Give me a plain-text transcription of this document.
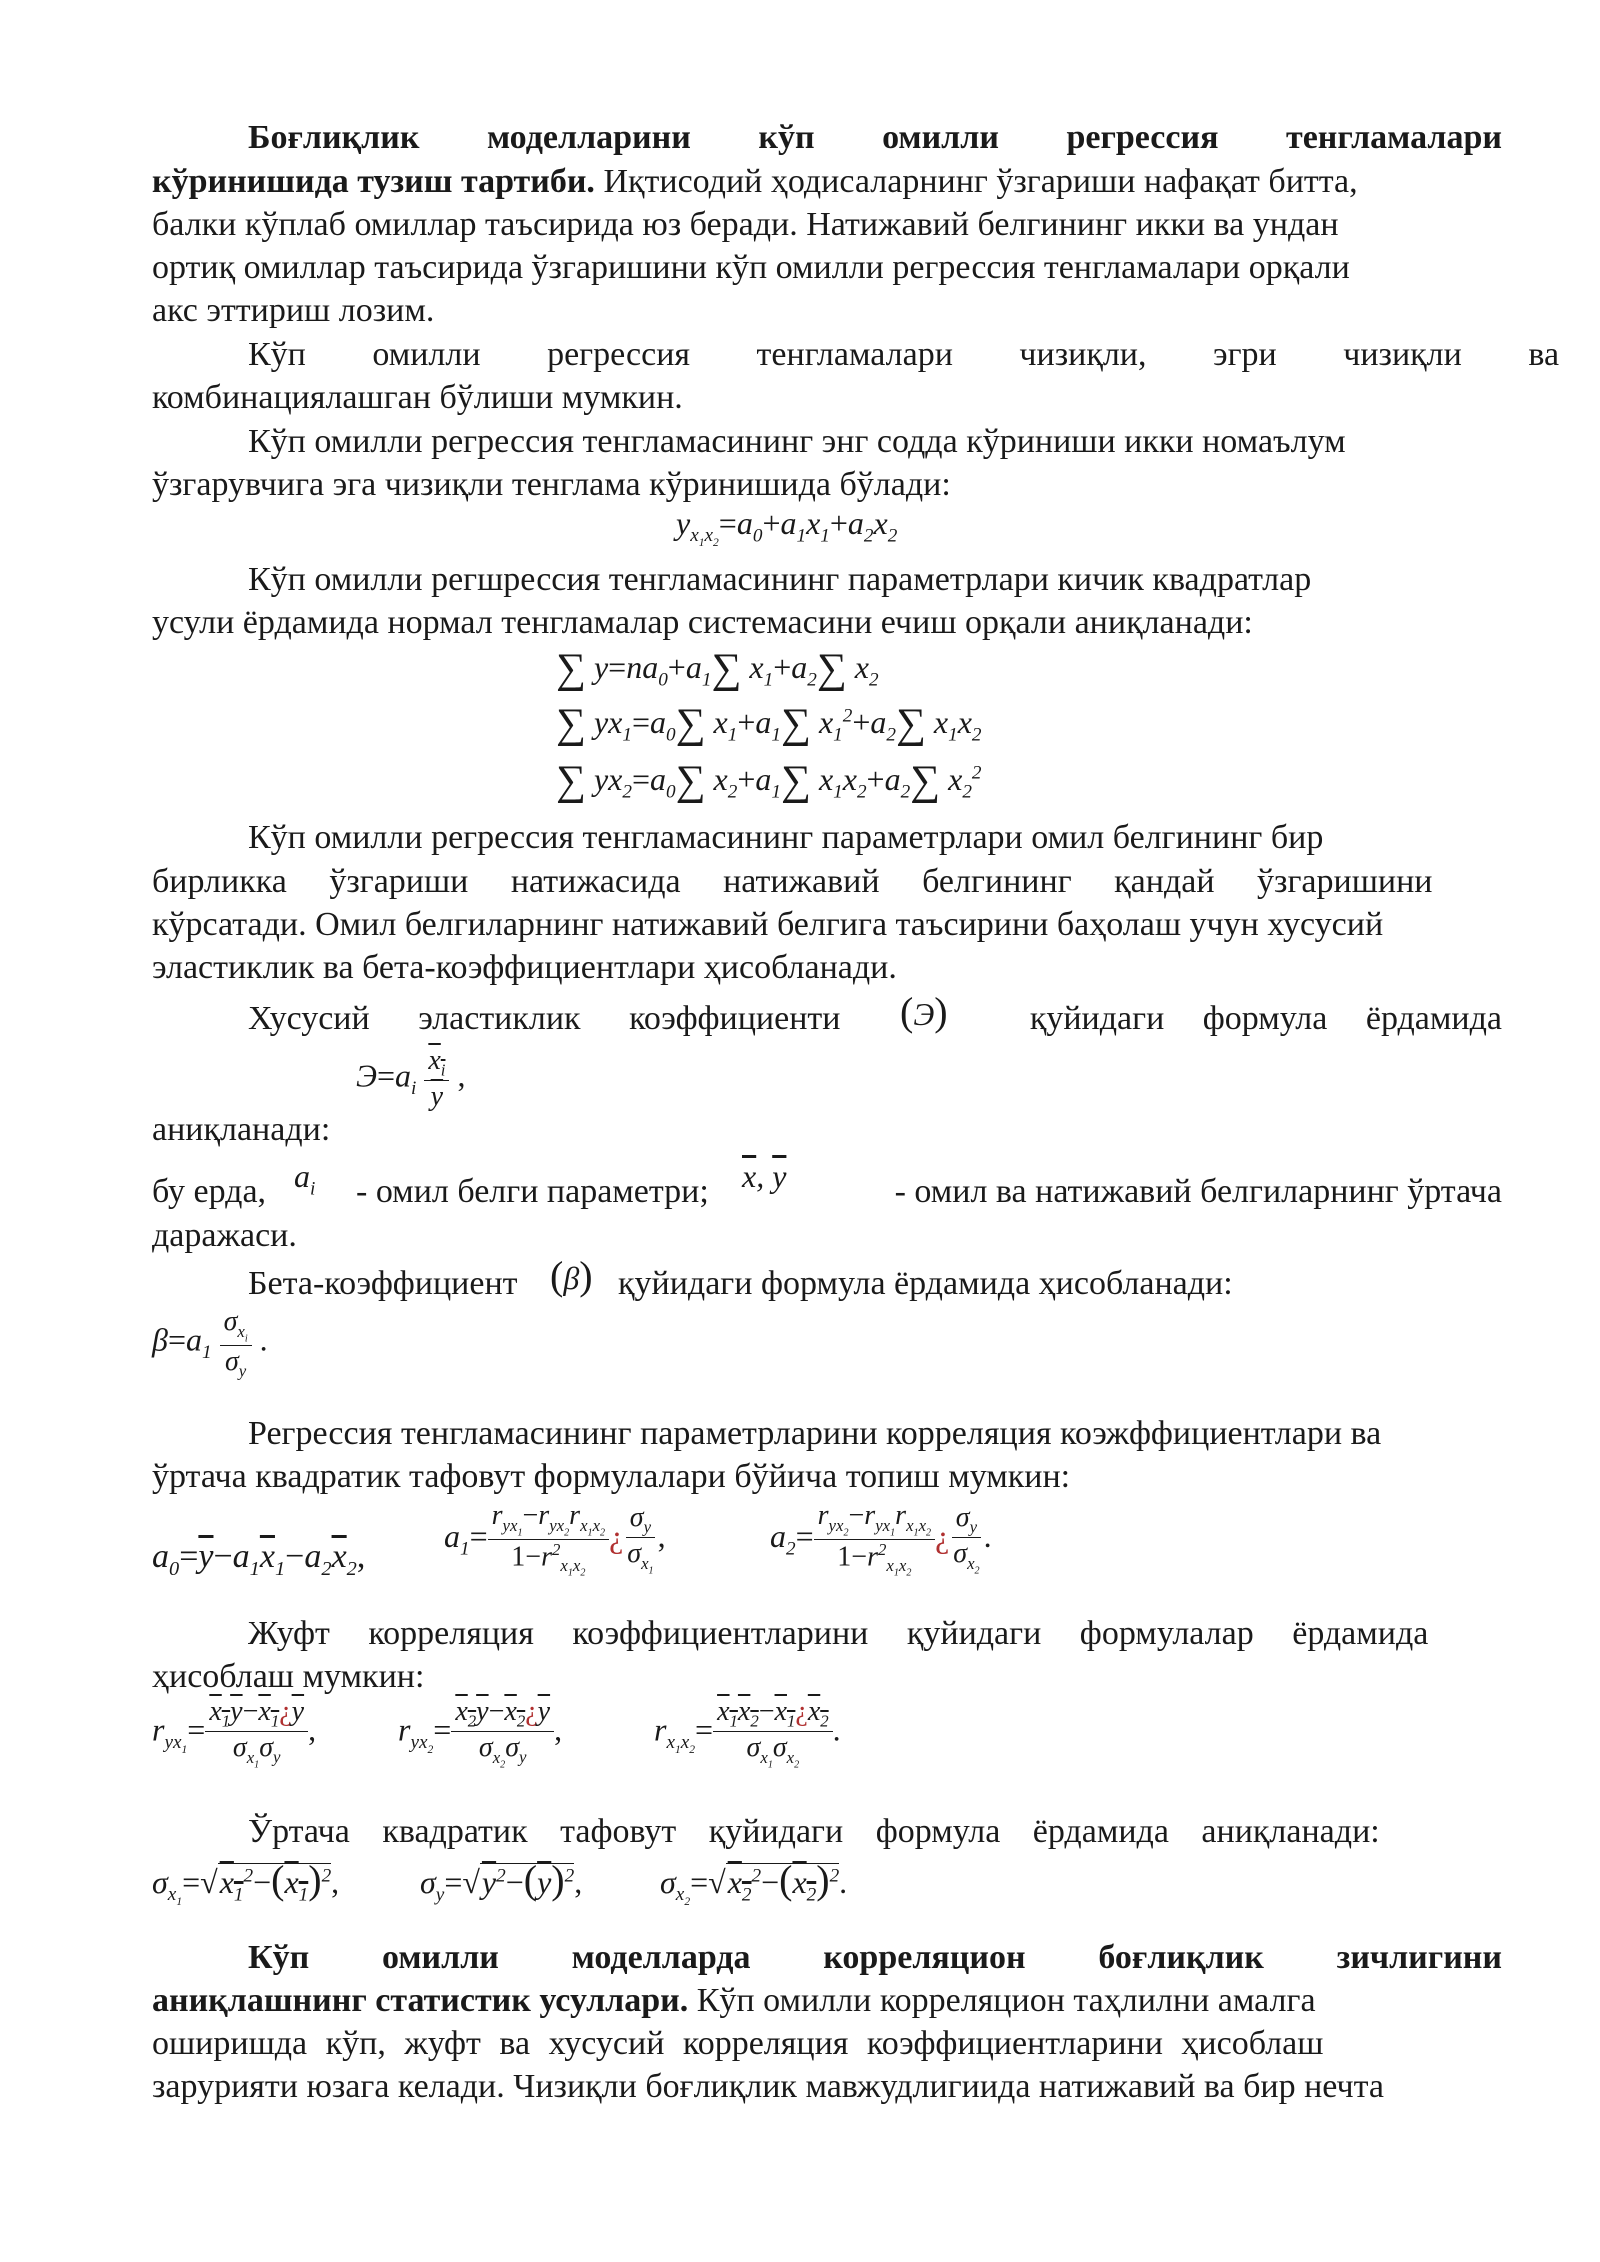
Боғлиқлик моделларини кўп омилли регрессия тенгламалари
кўринишида тузиш тартиби. Иқтисодий ҳодисаларнинг ўзгариши нафақат битта,
балки кўплаб омиллар таъсирида юз беради. Натижавий белгининг икки ва ундан
ортиқ омиллар таъсирида ўзгаришини кўп омилли регрессия тенгламалари орқали
акс эттириш лозим.
Кўп омилли регрессия тенгламалари чизиқли, эгри чизиқли ва
комбинациялашган бўлиши мумкин.
Кўп омилли регрессия тенгламасининг энг содда кўриниши икки номаълум
ўзгарувчига эга чизиқли тенглама кўринишида бўлади:
$y_{x_1x_2}=a_0+a_1x_1+a_2x_2$
Кўп омилли регшрессия тенгламасининг параметрлари кичик квадратлар
усули ёрдамида нормал тенгламалар системасини ечиш орқали аниқланади:
∑ $y=na_0+a_1\sum$ $x_1+a_2\sum$ $x_2$
∑ $yx_1=a_0\sum$ $x_1+a_1\sum$ $x_1^2+a_2\sum$ $x_1x_2$
∑ $yx_2=a_0\sum$ $x_2+a_1\sum$ $x_1x_2+a_2\sum$ $x_2^2$
Кўп омилли регрессия тенгламасининг параметрлари омил белгининг бир
бирликка ўзгариши натижасида натижавий белгининг қандай ўзгаришини
кўрсатади. Омил белгиларнинг натижавий белгига таъсирини баҳолаш учун хусусий
эластиклик ва бета-коэффициентлари ҳисобланади.
Хусусий эластиклик коэффициенти	(Э)	қуйидаги формула ёрдамида
$Э=a_i \frac{x_i}{y}$ ,
аниқланади:
бу ерда, $a_i$ - омил белги параметри;	$\overline{x}$, $\overline{y}$	- омил ва натижавий белгиларнинг ўртача
даражаси.
Бета-коэффициент (β) қуйидаги формула ёрдамида ҳисобланади:
$\beta=a_1 \frac{\sigma_{x_i}}{\sigma_y}$ .
Регрессия тенгламасининг параметрларини корреляция коэжффициентлари ва
ўртача квадратик тафовут формулалари бўйича топиш мумкин:
$a_0=\overline{y}-a_1\overline{x}_1-a_2\overline{x}_2$,
$a_1= \frac{r_{yx_1}-r_{yx_2}r_{x_1x_2}}{1-r^2_{x_1x_2}}$ ¿ $\frac{\sigma_y}{\sigma_{x_1}}$ ,	$a_2= \frac{r_{yx_2}-r_{yx_1}r_{x_1x_2}}{1-r^2_{x_1x_2}}$ ¿ $\frac{\sigma_y}{\sigma_{x_2}}$ .
Жуфт корреляция коэффициентларини қуйидаги формулалар ёрдамида
ҳисоблаш мумкин:
$r_{yx_1}= \frac{x_1y-x_1¿\overline{y}}{\sigma_{x_1}\sigma_y}$ ,	$r_{yx_2}= \frac{x_2y-x_2¿\overline{y}}{\sigma_{x_2}\sigma_y}$ ,	$r_{x_1x_2}= \frac{x_1x_2-x_1¿x_2}{\sigma_{x_1}\sigma_{x_2}}$ .
Ўртача квадратик тафовут қуйидаги формула ёрдамида аниқланади:
$\sigma_{x_1}=√x_1^2-(x_1)^2$,	$\sigma_y=√y^2-(\overline{y})^2$, $\sigma_{x_2}=√x_2^2-(x_2)^2$.
Кўп омилли моделларда корреляцион боғлиқлик зичлигини
аниқлашнинг статистик усуллари. Кўп омилли корреляцион таҳлилни амалга
оширишда кўп, жуфт ва хусусий корреляция коэффициентларини ҳисоблаш
зарурияти юзага келади. Чизиқли боғлиқлик мавжудлигиида натижавий ва бир нечта
